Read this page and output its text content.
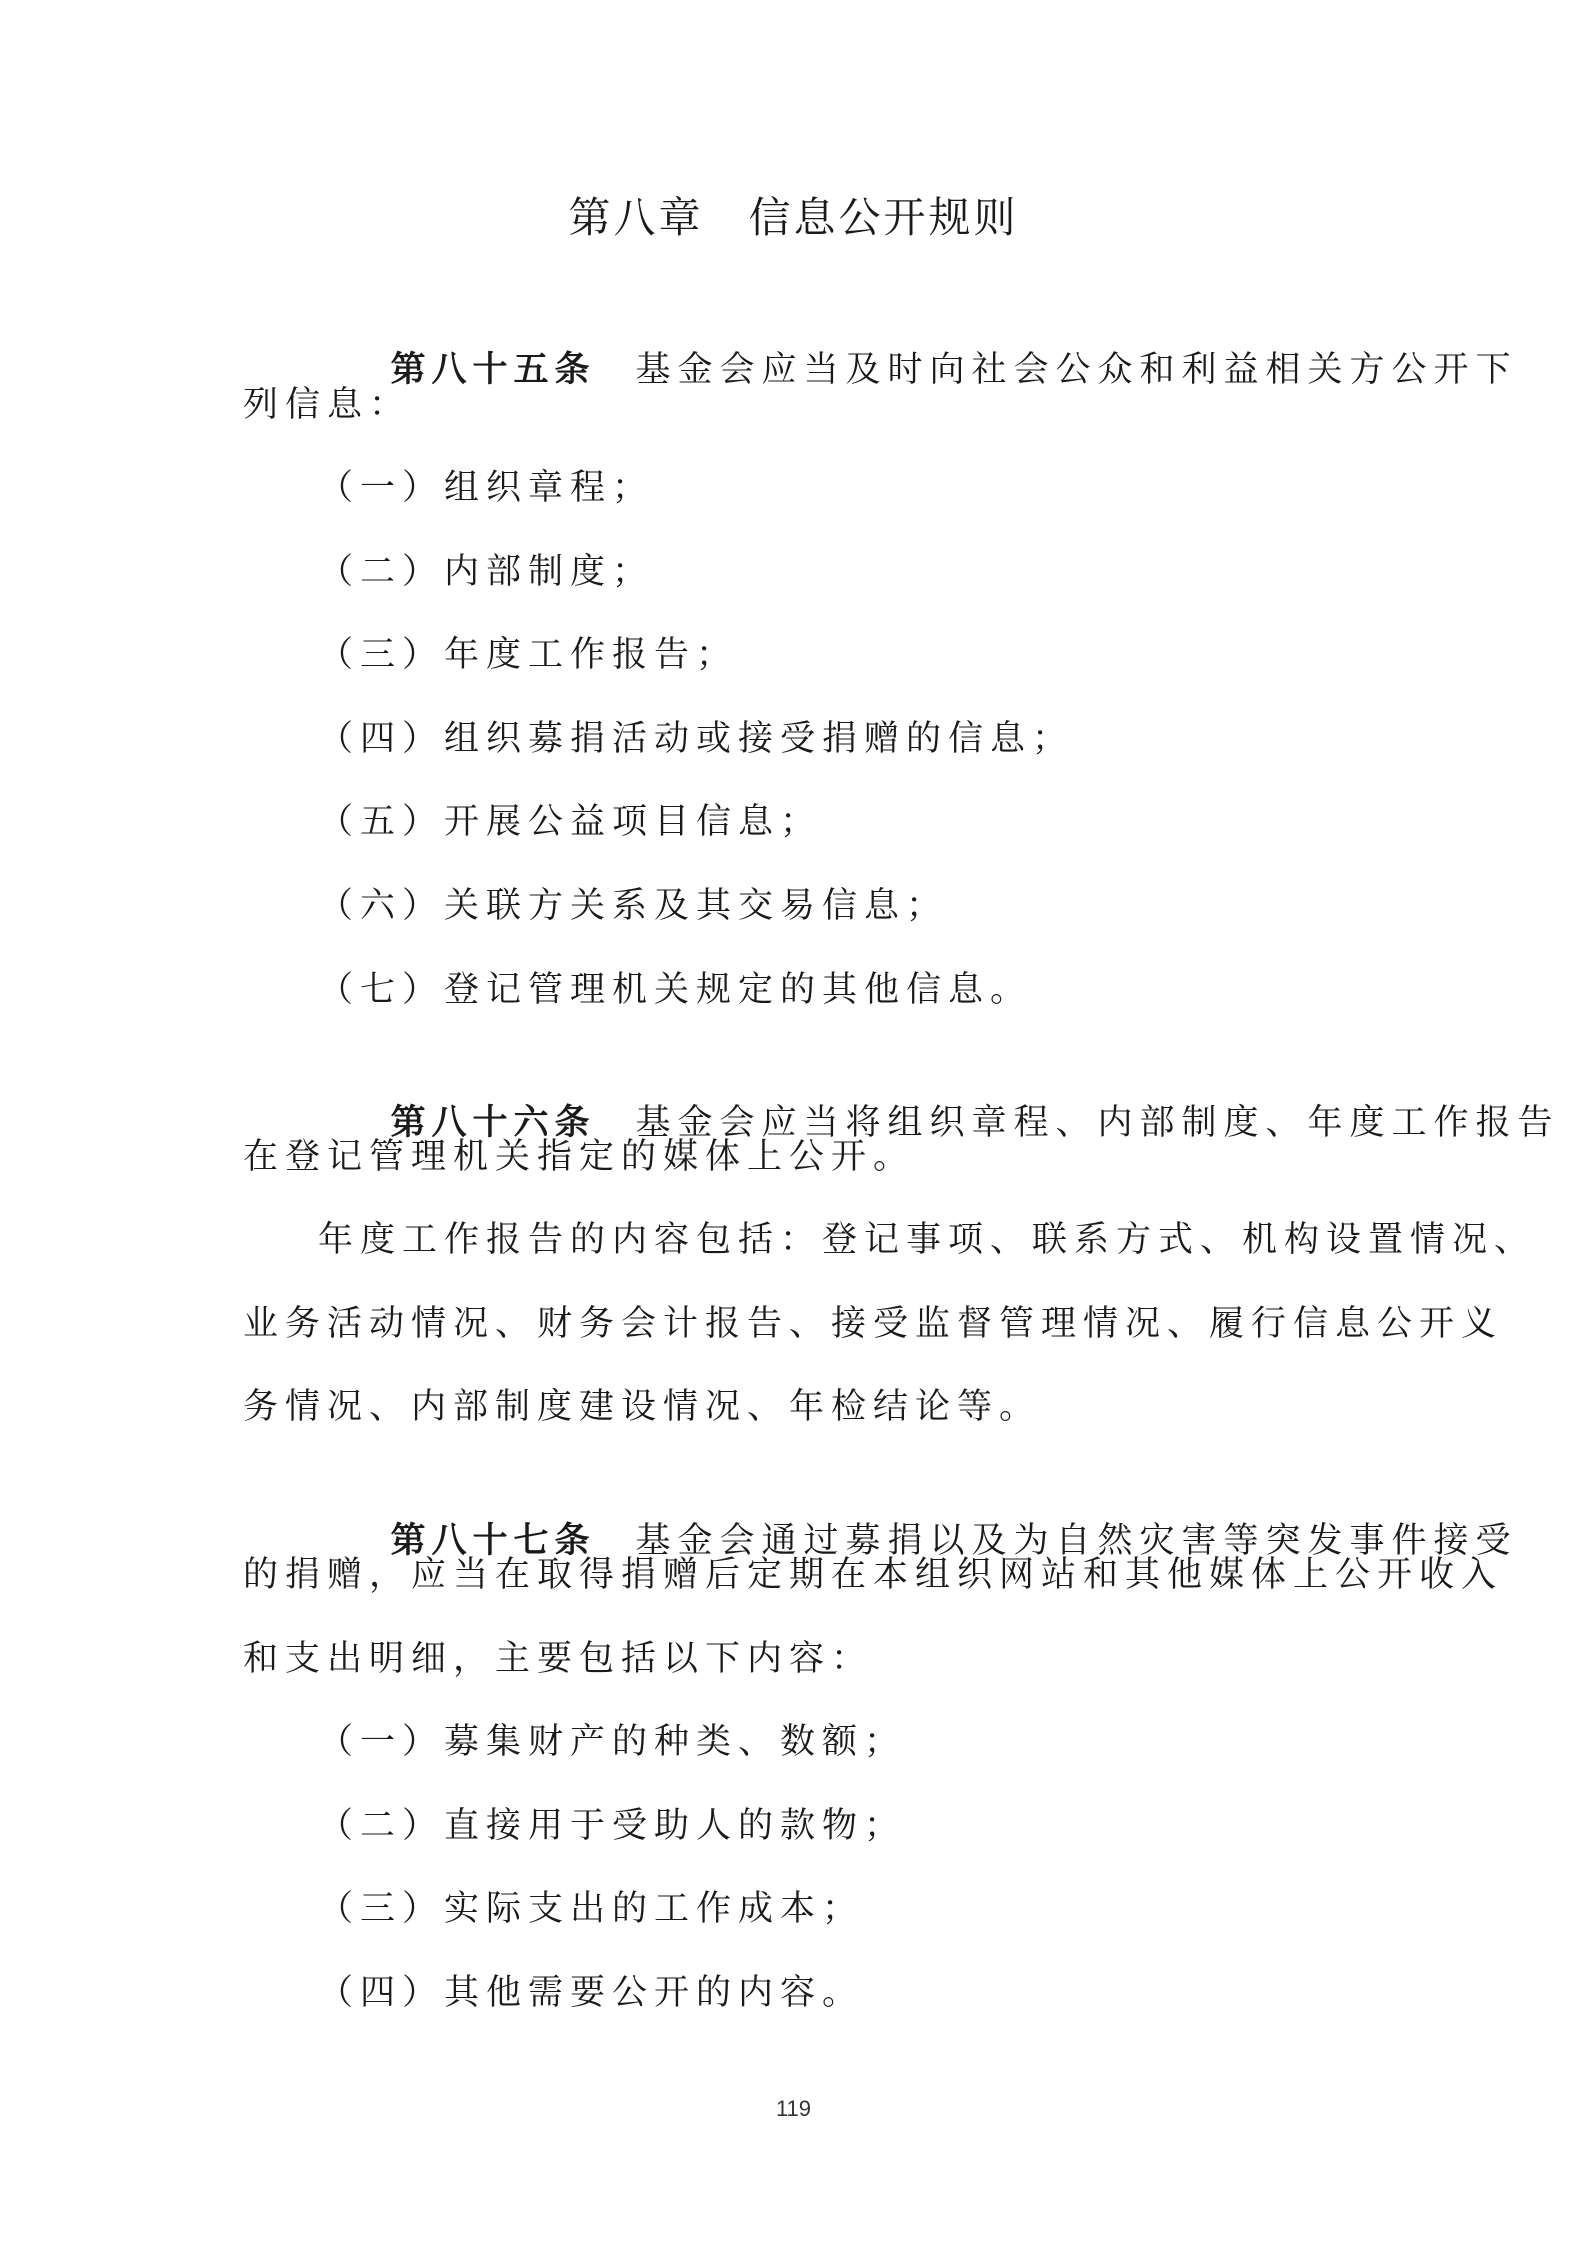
第八章　信息公开规则

第八十五条 基金会应当及时向社会公众和利益相关方公开下

列信息：
（一）组织章程；
（二）内部制度；
（三）年度工作报告；
（四）组织募捐活动或接受捐赠的信息；
（五）开展公益项目信息；
（六）关联方关系及其交易信息；
（七）登记管理机关规定的其他信息。

第八十六条 基金会应当将组织章程、内部制度、年度工作报告

在登记管理机关指定的媒体上公开。
年度工作报告的内容包括：登记事项、联系方式、机构设置情况、
业务活动情况、财务会计报告、接受监督管理情况、履行信息公开义
务情况、内部制度建设情况、年检结论等。

第八十七条 基金会通过募捐以及为自然灾害等突发事件接受

的捐赠，应当在取得捐赠后定期在本组织网站和其他媒体上公开收入
和支出明细，主要包括以下内容：
（一）募集财产的种类、数额；
（二）直接用于受助人的款物；
（三）实际支出的工作成本；
（四）其他需要公开的内容。
119
